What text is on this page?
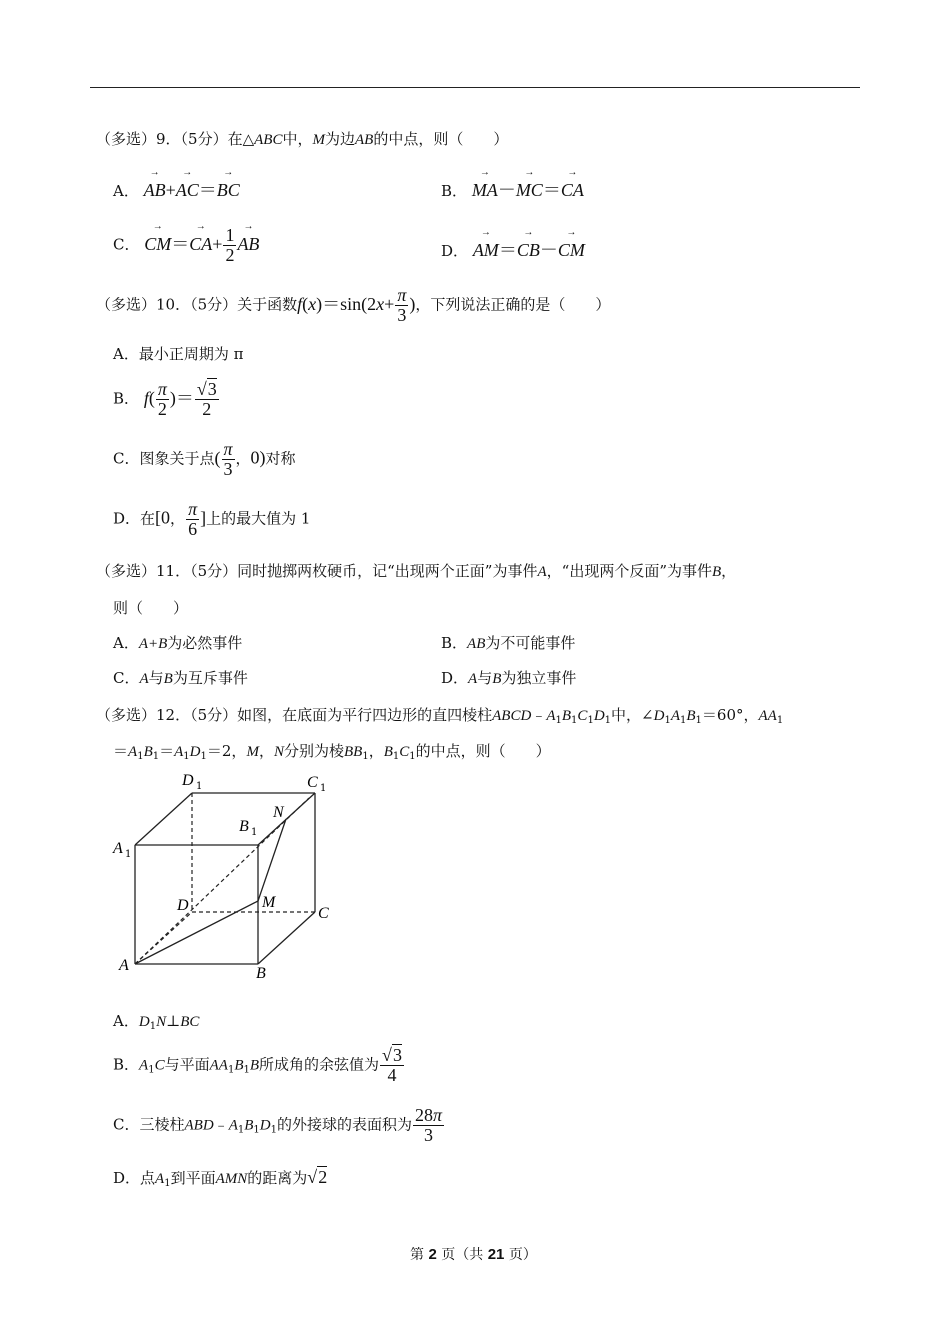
（多选）9．（5分）在△ABC中，M为边AB的中点，则（　　）
A． → AB+→ AC＝→ BC	B． → MA－→ MC＝→ CA
C． → $CM=\to CA+ \frac{1}{2}$ → AB	D． → AM＝→ CB－→ CM
（多选）10．（5分）关于函数$f(x)=\sin(2x+ \frac{\pi}{3}$ )，下列说法正确的是（　　）
A．最小正周期为 π
B． $f( \frac{\pi}{2}$ )＝ $\frac{√3}{2}$
C．图象关于点( $\frac{\pi}{3}$ ，0)对称
D．在[0， $\frac{\pi}{6}$ ]上的最大值为 1
（多选）11．（5分）同时抛掷两枚硬币，记“出现两个正面”为事件A，“出现两个反面”为事件B，
则（　　）
A．A+B为必然事件	B．AB为不可能事件
C．A与B为互斥事件	D．A与B为独立事件
（多选）12．（5分）如图，在底面为平行四边形的直四棱柱$ABCD﹣A_1B_1C_1D_1$中，$\angle D_1A_1B_1=60^\circ$，$AA_1$
$=A_1B_1=A_1D_1=2$，M，N分别为棱$BB_1$，$B_1C_1$的中点，则（　　）
D 1	C 1
B 1
N
A 1
D	M
C
A	B
A．$D_1N\perp BC$
B．$A_1C$与平面$AA_1B_1B$所成角的余弦值为 $\frac{√3}{4}$
C．三棱柱$ABD﹣A_1B_1D_1$的外接球的表面积为 $\frac{28\pi}{3}$
D．点$A_1$到平面AMN的距离为√2
第 2 页（共 21 页）
